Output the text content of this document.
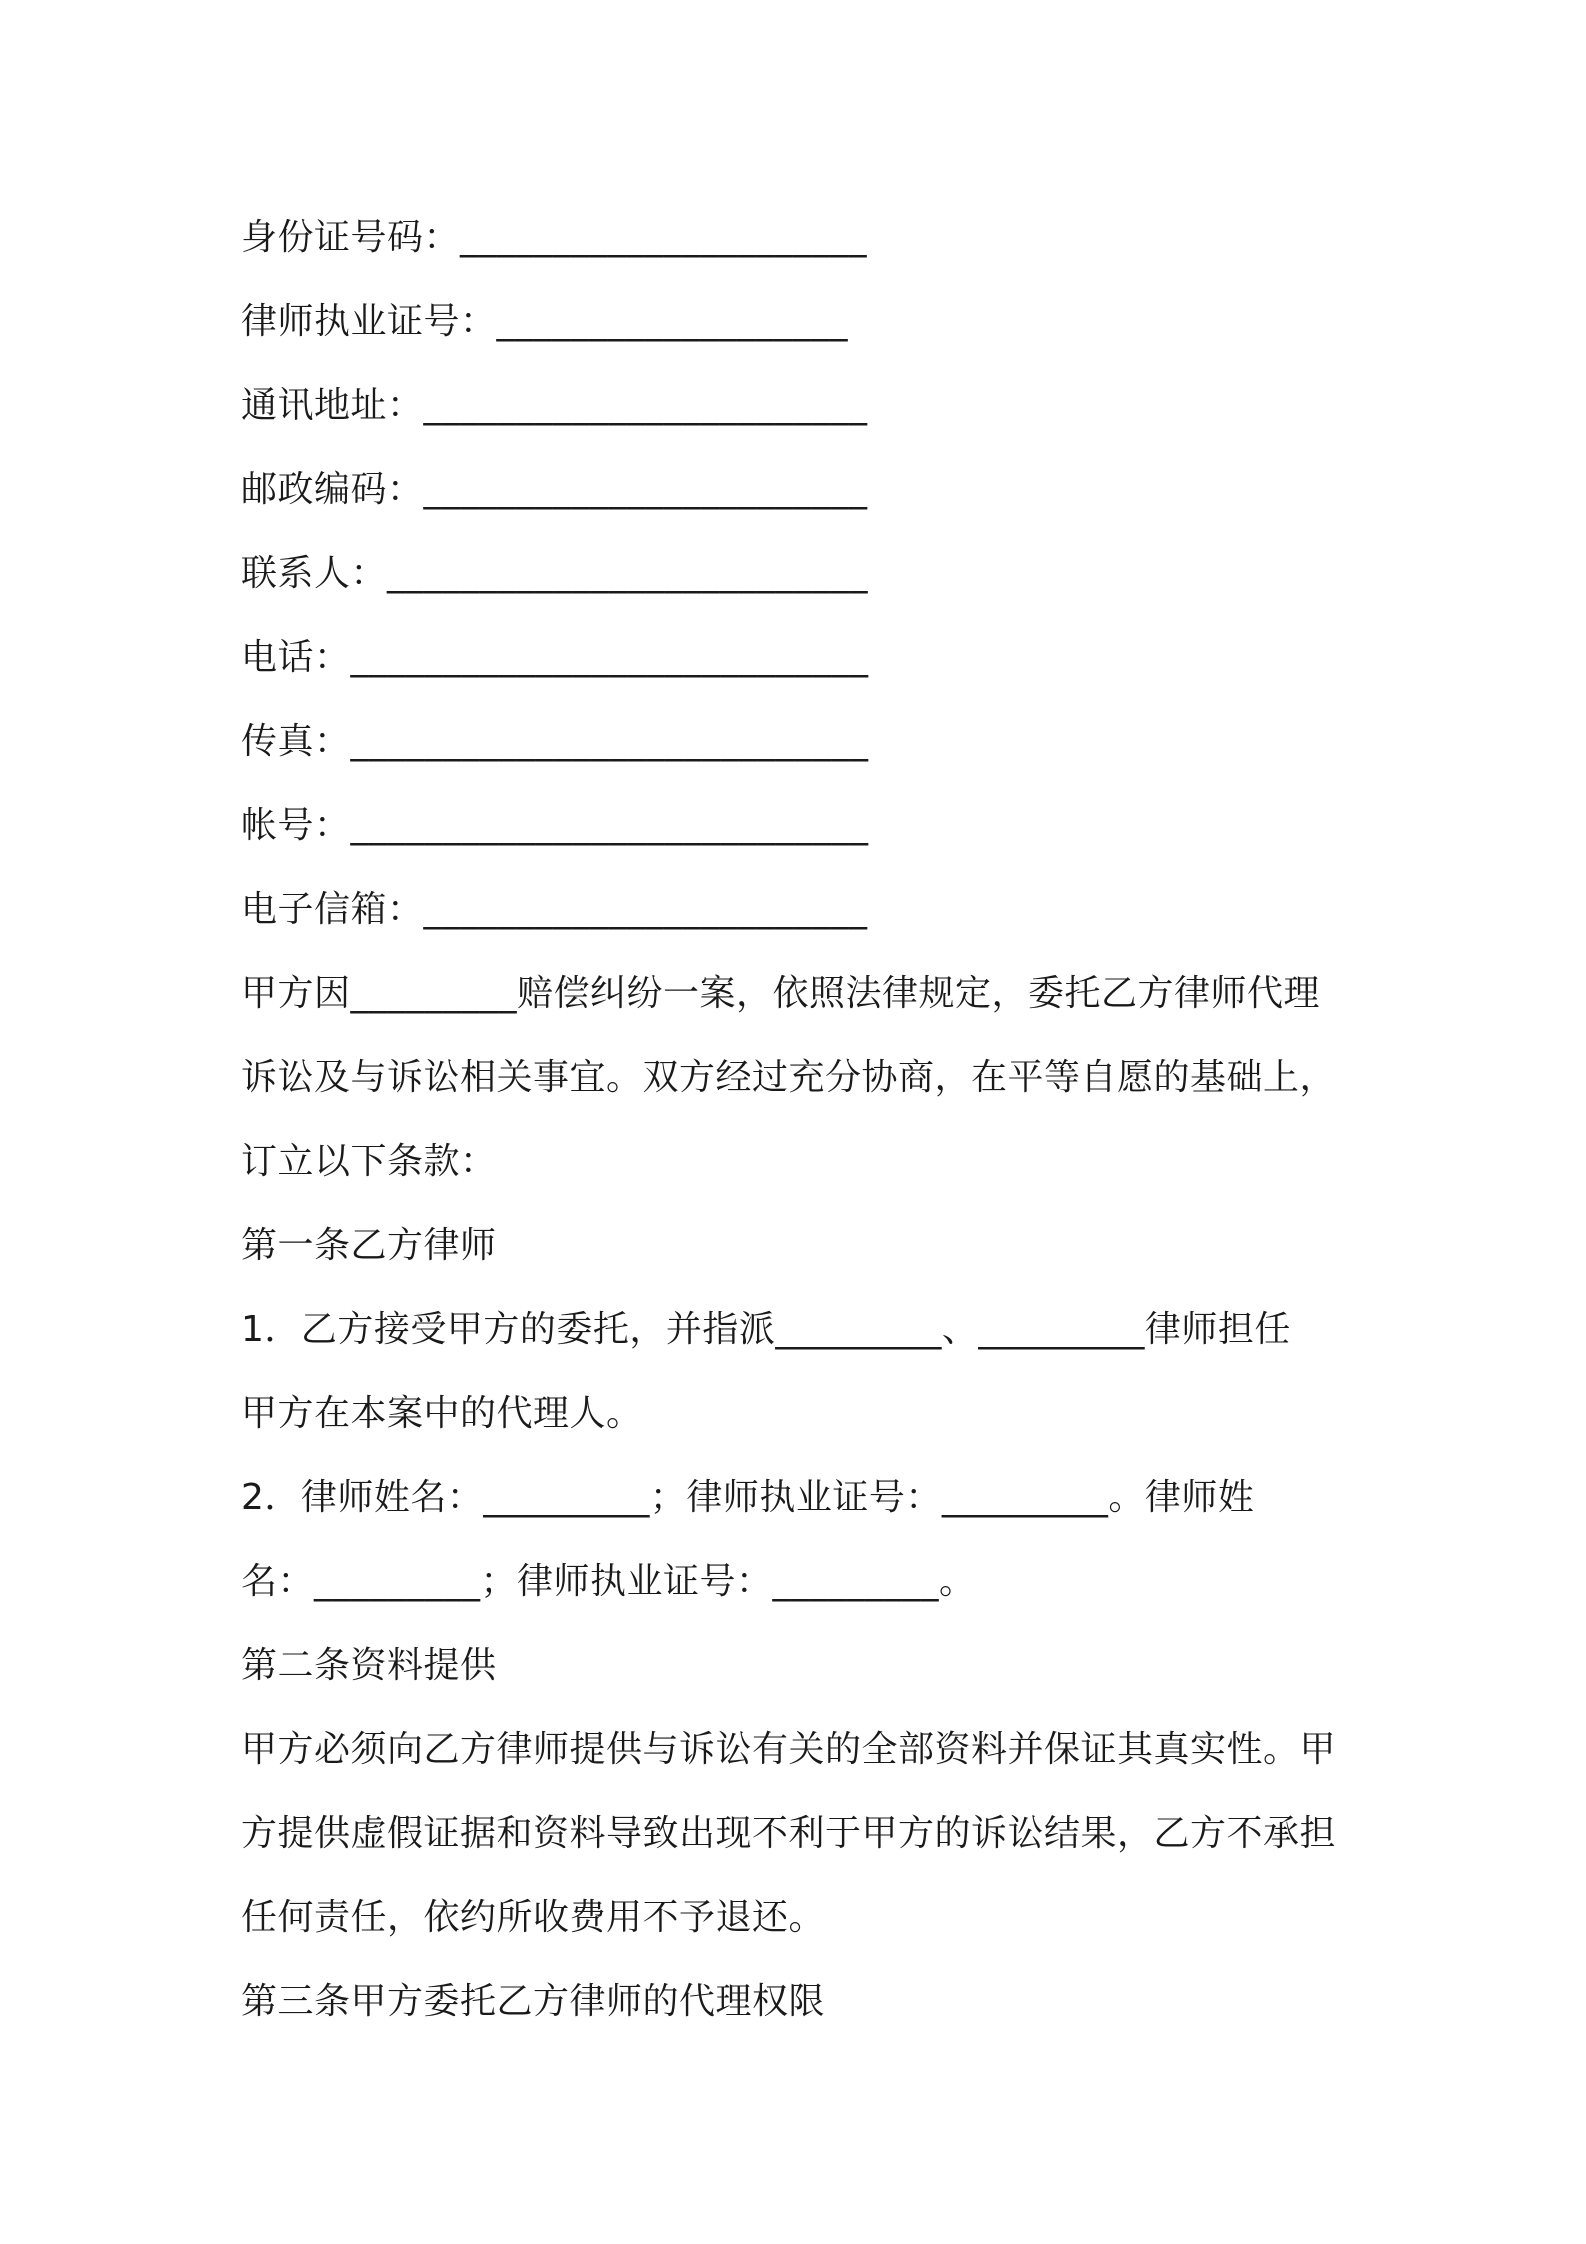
身份证号码：______________________
律师执业证号：___________________
通讯地址：________________________
邮政编码：________________________
联系人：__________________________
电话：____________________________
传真：____________________________
帐号：____________________________
电子信箱：________________________
甲方因_________赔偿纠纷一案，依照法律规定，委托乙方律师代理
诉讼及与诉讼相关事宜。双方经过充分协商，在平等自愿的基础上，
订立以下条款：
第一条乙方律师
1．乙方接受甲方的委托，并指派_________、_________律师担任
甲方在本案中的代理人。
2．律师姓名：_________；律师执业证号：_________。律师姓
名：_________；律师执业证号：_________。
第二条资料提供
甲方必须向乙方律师提供与诉讼有关的全部资料并保证其真实性。甲
方提供虚假证据和资料导致出现不利于甲方的诉讼结果，乙方不承担
任何责任，依约所收费用不予退还。
第三条甲方委托乙方律师的代理权限
